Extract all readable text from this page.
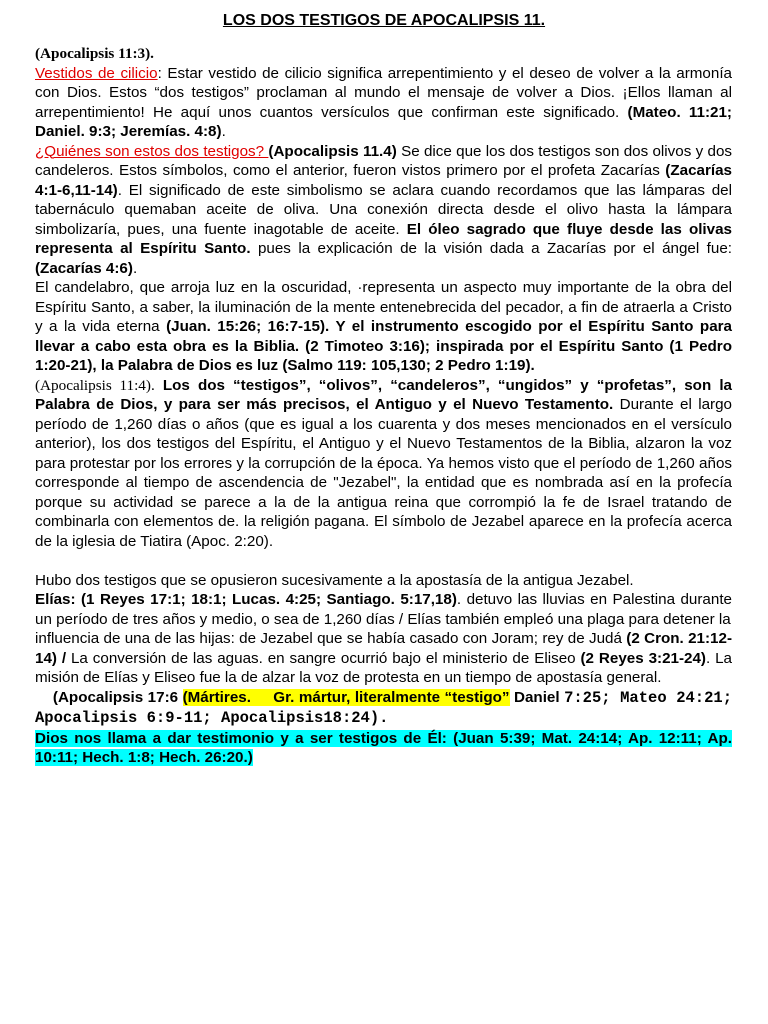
LOS DOS TESTIGOS DE APOCALIPSIS 11.

(Apocalipsis 11:3).
Vestidos de cilicio: Estar vestido de cilicio significa arrepentimiento y el deseo de volver a la armonía con Dios. Estos “dos testigos” proclaman al mundo el mensaje de volver a Dios. ¡Ellos llaman al arrepentimiento! He aquí unos cuantos versículos que confirman este significado. (Mateo. 11:21; Daniel. 9:3; Jeremías. 4:8).

¿Quiénes son estos dos testigos? (Apocalipsis 11.4) Se dice que los dos testigos son dos olivos y dos candeleros. Estos símbolos, como el anterior, fueron vistos primero por el profeta Zacarías (Zacarías 4:1-6,11-14). El significado de este simbolismo se aclara cuando recordamos que las lámparas del tabernáculo quemaban aceite de oliva. Una conexión directa desde el olivo hasta la lámpara simbolizaría, pues, una fuente inagotable de aceite. El óleo sagrado que fluye desde las olivas representa al Espíritu Santo. pues la explicación de la visión dada a Zacarías por el ángel fue: (Zacarías 4:6).

El candelabro, que arroja luz en la oscuridad, ·representa un aspecto muy importante de la obra del Espíritu Santo, a saber, la iluminación de la mente entenebrecida del pecador, a fin de atraerla a Cristo y a la vida eterna (Juan. 15:26; 16:7-15). Y el instrumento escogido por el Espíritu Santo para llevar a cabo esta obra es la Biblia. (2 Timoteo 3:16); inspirada por el Espíritu Santo (1 Pedro 1:20-21), la Palabra de Dios es luz (Salmo 119: 105,130; 2 Pedro 1:19).

(Apocalipsis 11:4). Los dos “testigos”, “olivos”, “candeleros”, “ungidos” y “profetas”, son la Palabra de Dios, y para ser más precisos, el Antiguo y el Nuevo Testamento. Durante el largo período de 1,260 días o años (que es igual a los cuarenta y dos meses mencionados en el versículo anterior), los dos testigos del Espíritu, el Antiguo y el Nuevo Testamentos de la Biblia, alzaron la voz para protestar por los errores y la corrupción de la época. Ya hemos visto que el período de 1,260 años corresponde al tiempo de ascendencia de "Jezabel", la entidad que es nombrada así en la profecía porque su actividad se parece a la de la antigua reina que corrompió la fe de Israel tratando de combinarla con elementos de. la religión pagana. El símbolo de Jezabel aparece en la profecía acerca de la iglesia de Tiatira (Apoc. 2:20).

Hubo dos testigos que se opusieron sucesivamente a la apostasía de la antigua Jezabel.
Elías: (1 Reyes 17:1; 18:1; Lucas. 4:25; Santiago. 5:17,18). detuvo las lluvias en Palestina durante un período de tres años y medio, o sea de 1,260 días / Elías también empleó una plaga para detener la
influencia de una de las hijas: de Jezabel que se había casado con Joram; rey de Judá (2 Cron. 21:12-14) / La conversión de las aguas. en sangre ocurrió bajo el ministerio de Eliseo (2 Reyes 3:21-24). La misión de Elías y Eliseo fue la de alzar la voz de protesta en un tiempo de apostasía general.

(Apocalipsis 17:6 (Mártires.     Gr. mártur, literalmente “testigo” Daniel 7:25; Mateo 24:21; Apocalipsis 6:9-11; Apocalipsis18:24).

Dios nos llama a dar testimonio y a ser testigos de Él: (Juan 5:39; Mat. 24:14; Ap. 12:11; Ap. 10:11; Hech. 1:8; Hech. 26:20.)
